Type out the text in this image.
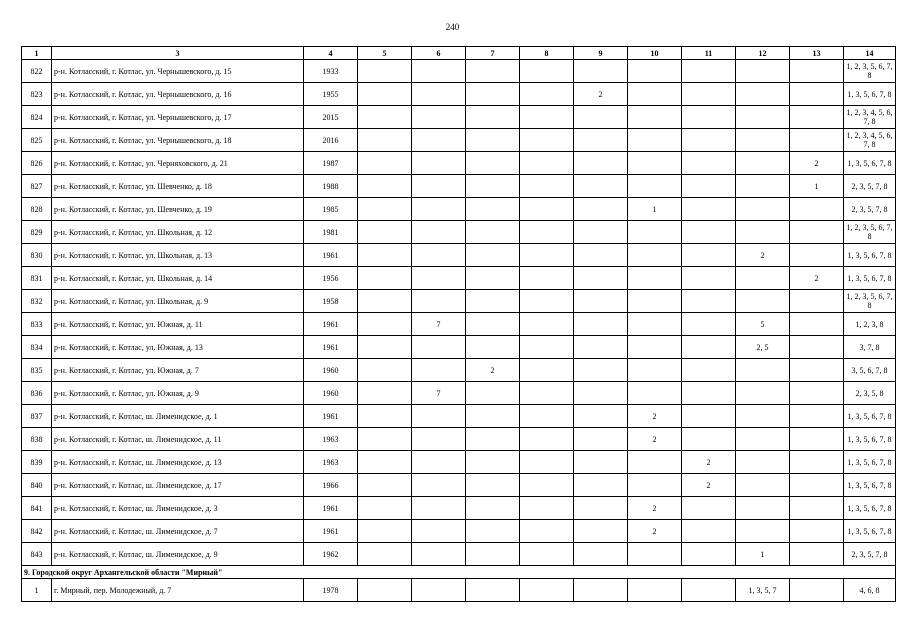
240
1	3	4	5	6	7	8	9	10	11	12	13	14
822	р-н. Котласский, г. Котлас, ул. Чернышевского, д. 15	1933										1, 2, 3, 5, 6, 7, 8
823	р-н. Котласский, г. Котлас, ул. Чернышевского, д. 16	1955					2					1, 3, 5, 6, 7, 8
824	р-н. Котласский, г. Котлас, ул. Чернышевского, д. 17	2015										1, 2, 3, 4, 5, 6, 7, 8
825	р-н. Котласский, г. Котлас, ул. Чернышевского, д. 18	2016										1, 2, 3, 4, 5, 6, 7, 8
826	р-н. Котласский, г. Котлас, ул. Черняховского, д. 21	1987									2	1, 3, 5, 6, 7, 8
827	р-н. Котласский, г. Котлас, ул. Шевченко, д. 18	1988									1	2, 3, 5, 7, 8
828	р-н. Котласский, г. Котлас, ул. Шевченко, д. 19	1985						1				2, 3, 5, 7, 8
829	р-н. Котласский, г. Котлас, ул. Школьная, д. 12	1981										1, 2, 3, 5, 6, 7, 8
830	р-н. Котласский, г. Котлас, ул. Школьная, д. 13	1961								2		1, 3, 5, 6, 7, 8
831	р-н. Котласский, г. Котлас, ул. Школьная, д. 14	1956									2	1, 3, 5, 6, 7, 8
832	р-н. Котласский, г. Котлас, ул. Школьная, д. 9	1958										1, 2, 3, 5, 6, 7, 8
833	р-н. Котласский, г. Котлас, ул. Южная, д. 11	1961		7						5		1, 2, 3, 8
834	р-н. Котласский, г. Котлас, ул. Южная, д. 13	1961								2, 5		3, 7, 8
835	р-н. Котласский, г. Котлас, ул. Южная, д. 7	1960			2							3, 5, 6, 7, 8
836	р-н. Котласский, г. Котлас, ул. Южная, д. 9	1960		7								2, 3, 5, 8
837	р-н. Котласский, г. Котлас, ш. Лименидское, д. 1	1961						2				1, 3, 5, 6, 7, 8
838	р-н. Котласский, г. Котлас, ш. Лименидское, д. 11	1963						2				1, 3, 5, 6, 7, 8
839	р-н. Котласский, г. Котлас, ш. Лименидское, д. 13	1963							2			1, 3, 5, 6, 7, 8
840	р-н. Котласский, г. Котлас, ш. Лименидское, д. 17	1966							2			1, 3, 5, 6, 7, 8
841	р-н. Котласский, г. Котлас, ш. Лименидское, д. 3	1961						2				1, 3, 5, 6, 7, 8
842	р-н. Котласский, г. Котлас, ш. Лименидское, д. 7	1961						2				1, 3, 5, 6, 7, 8
843	р-н. Котласский, г. Котлас, ш. Лименидское, д. 9	1962								1		2, 3, 5, 7, 8
9. Городской округ Архангельской области "Мирный"												
1	г. Мирный, пер. Молодежный, д. 7	1978								1, 3, 5, 7		4, 6, 8
